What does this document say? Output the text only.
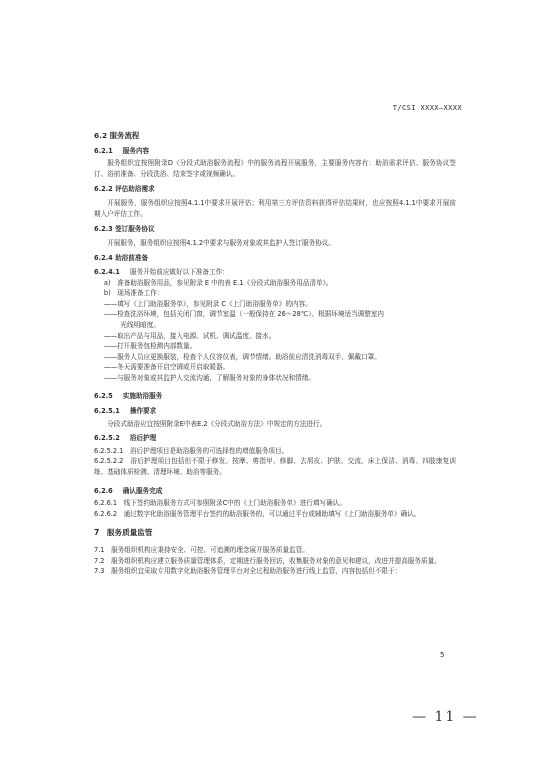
T/CSI XXXX—XXXX
6.2 服务流程
6.2.1 服务内容
服务组织宜按照附录D《分段式助浴服务流程》中的服务流程开展服务，主要服务内容有：助浴需求评估、服务协议签订、浴前准备、分段洗浴、结束签字或视频确认。
6.2.2 评估助浴需求
开展服务，服务组织应按照4.1.1中要求开展评估；利用第三方评估资料获得评估结果时，也应按照4.1.1中要求开展前期入户评估工作。
6.2.3 签订服务协议
开展服务，服务组织应按照4.1.2中要求与服务对象或其监护人签订服务协议。
6.2.4 助浴前准备
6.2.4.1 服务开始前应做好以下准备工作：
a)　准备助浴服务用品，参见附录 E 中的表 E.1《分段式助浴服务用品清单》。
b)　现场准备工作：
——填写《上门助浴服务单》，参见附录 C《上门助浴服务单》的内容。
——检查洗浴环境，包括关闭门窗，调节室温（一般保持在 26～28℃）、根据环境适当调整室内
光线明暗度。
——取出产品与用品，接入电源、试机、调试温度、接水。
——打开服务包检测内部数量。
——服务人员应更换服装，检查个人仪容仪表，调节情绪。助浴前应清洗消毒双手、佩戴口罩。
——冬天需要准备开启空调或开启取暖器。
——与服务对象或其监护人交流沟通，了解服务对象的身体状况和情绪。
6.2.5 实施助浴服务
6.2.5.1 操作要求
分段式助浴应宜按照附录E中表E.2《分段式助浴方法》中规定的方法进行。
6.2.5.2 浴后护理
6.2.5.2.1　浴后护理项目是助浴服务的可选择性的增值服务项目。
6.2.5.2.2　浴后护理项目包括但不限于修发、按摩、剪指甲、修脚、去屑皮、护肤、交流、床上保洁、消毒、四肢康复训练、基础体质检测、清理环境、助浴等服务。
6.2.6 确认服务完成
6.2.6.1　线下签约助浴服务方式可参照附录C中的《上门助浴服务单》进行填写确认。
6.2.6.2　通过数字化助浴服务管理平台签约的助浴服务的，可以通过平台或辅助填写《上门助浴服务单》确认。
7　服务质量监管
7.1　服务组织机构应秉持安全、可控、可追溯的理念展开服务质量监管。
7.2　服务组织机构应建立服务质量管理体系，定期进行服务回访，收集服务对象的意见和建议，改进并提高服务质量。
7.3　服务组织宜采取专用数字化助浴服务管理平台对全过程助浴服务进行线上监管，内容包括但不限于：
5
— 11 —
